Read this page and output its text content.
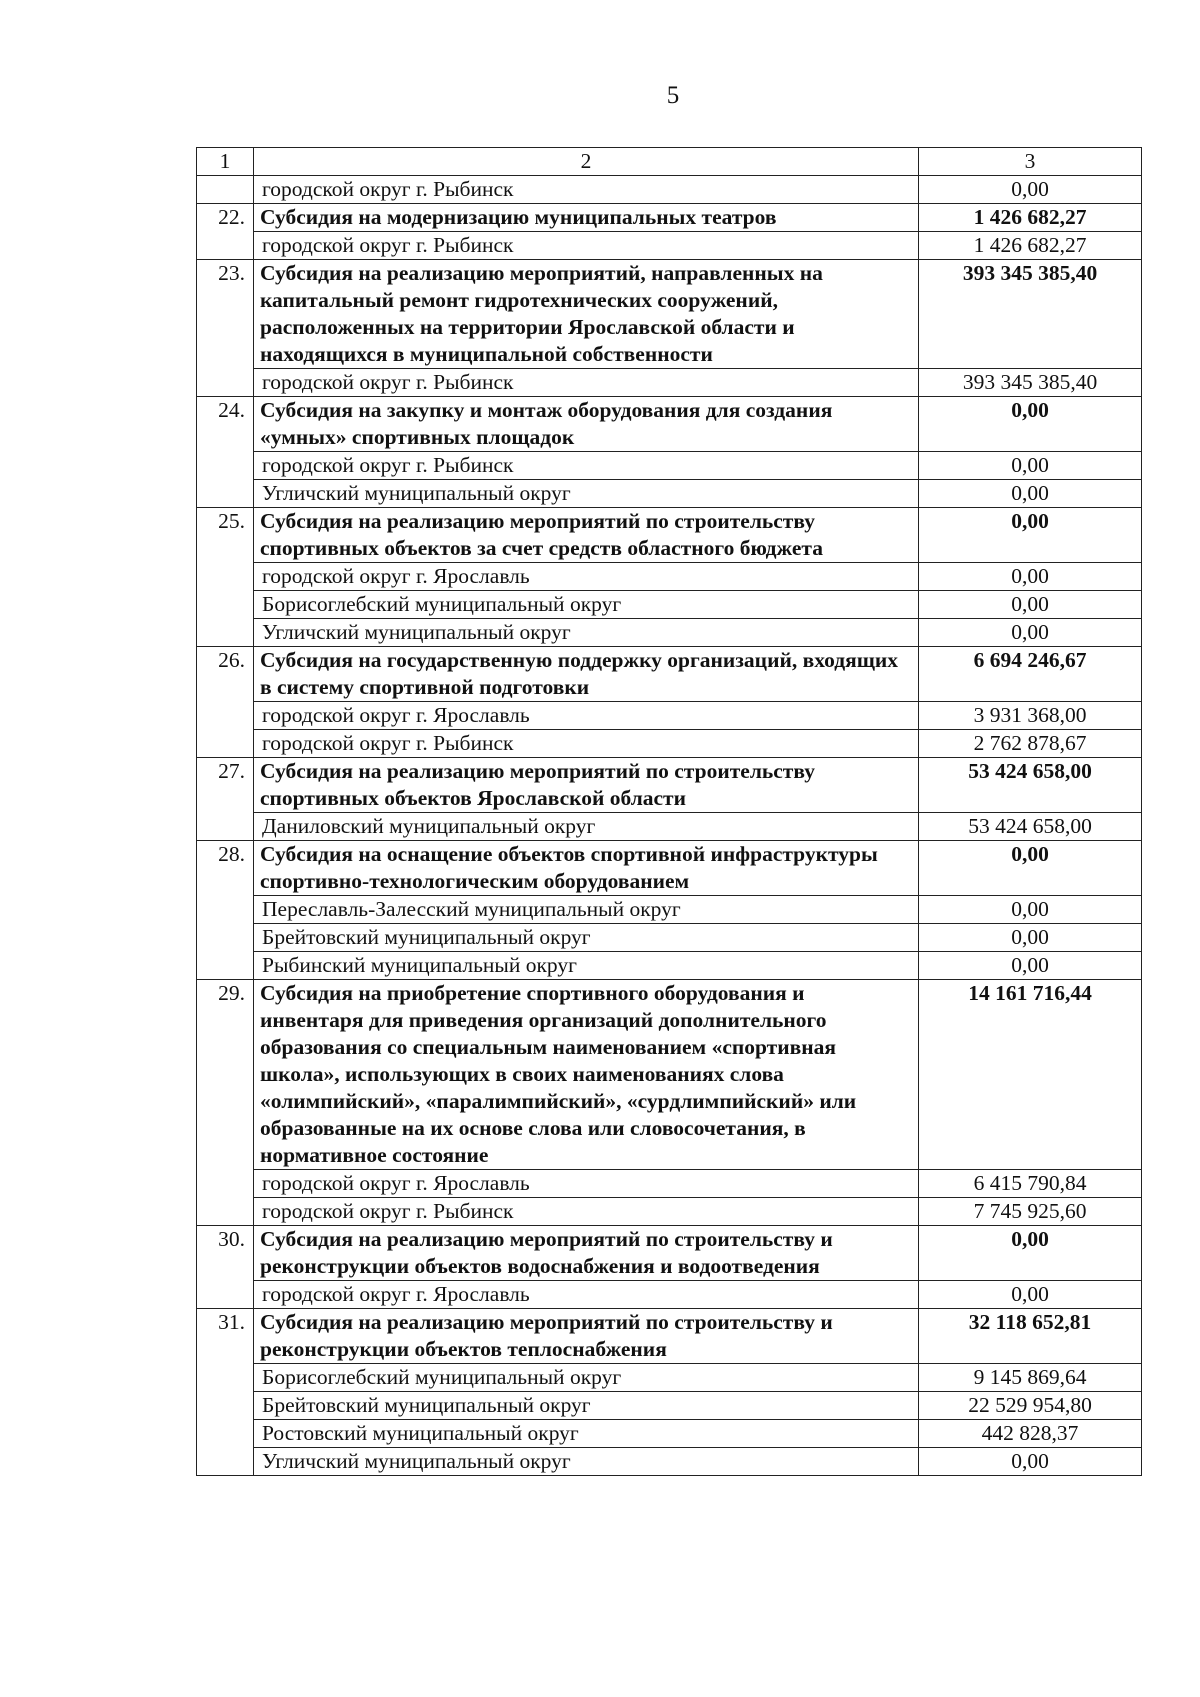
5
1	2	3
	городской округ г. Рыбинск	0,00
22.	Субсидия на модернизацию муниципальных театров	1 426 682,27
	городской округ г. Рыбинск	1 426 682,27
23.	Субсидия на реализацию мероприятий, направленных на капитальный ремонт гидротехнических сооружений, расположенных на территории Ярославской области и находящихся в муниципальной собственности	393 345 385,40
	городской округ г. Рыбинск	393 345 385,40
24.	Субсидия на закупку и монтаж оборудования для создания «умных» спортивных площадок	0,00
	городской округ г. Рыбинск	0,00
	Угличский муниципальный округ	0,00
25.	Субсидия на реализацию мероприятий по строительству спортивных объектов за счет средств областного бюджета	0,00
	городской округ г. Ярославль	0,00
	Борисоглебский муниципальный округ	0,00
	Угличский муниципальный округ	0,00
26.	Субсидия на государственную поддержку организаций, входящих в систему спортивной подготовки	6 694 246,67
	городской округ г. Ярославль	3 931 368,00
	городской округ г. Рыбинск	2 762 878,67
27.	Субсидия на реализацию мероприятий по строительству спортивных объектов Ярославской области	53 424 658,00
	Даниловский муниципальный округ	53 424 658,00
28.	Субсидия на оснащение объектов спортивной инфраструктуры спортивно-технологическим оборудованием	0,00
	Переславль-Залесский муниципальный округ	0,00
	Брейтовский муниципальный округ	0,00
	Рыбинский муниципальный округ	0,00
29.	Субсидия на приобретение спортивного оборудования и инвентаря для приведения организаций дополнительного образования со специальным наименованием «спортивная школа», использующих в своих наименованиях слова «олимпийский», «паралимпийский», «сурдлимпийский» или образованные на их основе слова или словосочетания, в нормативное состояние	14 161 716,44
	городской округ г. Ярославль	6 415 790,84
	городской округ г. Рыбинск	7 745 925,60
30.	Субсидия на реализацию мероприятий по строительству и реконструкции объектов водоснабжения и водоотведения	0,00
	городской округ г. Ярославль	0,00
31.	Субсидия на реализацию мероприятий по строительству и реконструкции объектов теплоснабжения	32 118 652,81
	Борисоглебский муниципальный округ	9 145 869,64
	Брейтовский муниципальный округ	22 529 954,80
	Ростовский муниципальный округ	442 828,37
	Угличский муниципальный округ	0,00
